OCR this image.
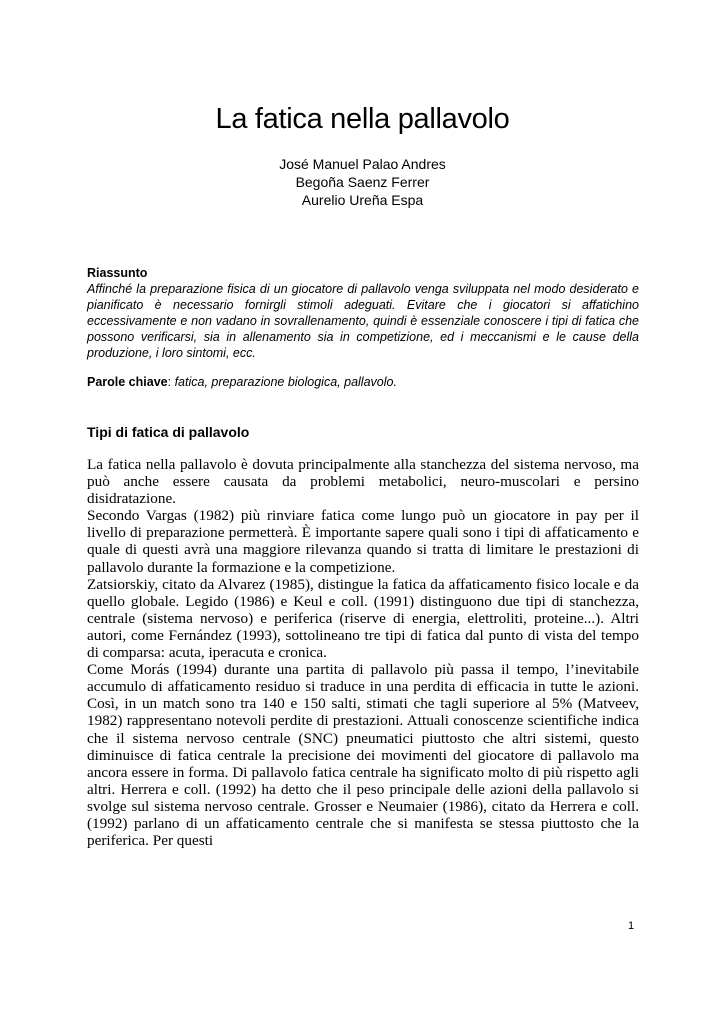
La fatica nella pallavolo
José Manuel Palao Andres
Begoña Saenz Ferrer
Aurelio Ureña Espa
Riassunto

Affinché la preparazione fisica di un giocatore di pallavolo venga sviluppata nel modo desiderato e pianificato è necessario fornirgli stimoli adeguati. Evitare che i giocatori si affatichino eccessivamente e non vadano in sovrallenamento, quindi è essenziale conoscere i tipi di fatica che possono verificarsi, sia in allenamento sia in competizione, ed i meccanismi e le cause della produzione, i loro sintomi, ecc.

Parole chiave: fatica, preparazione biologica, pallavolo.
Tipi di fatica di pallavolo

La fatica nella pallavolo è dovuta principalmente alla stanchezza del sistema nervoso, ma può anche essere causata da problemi metabolici, neuro-muscolari e persino disidratazione.

Secondo Vargas (1982) più rinviare fatica come lungo può un giocatore in pay per il livello di preparazione permetterà. È importante sapere quali sono i tipi di affaticamento e quale di questi avrà una maggiore rilevanza quando si tratta di limitare le prestazioni di pallavolo durante la formazione e la competizione.

Zatsiorskiy, citato da Alvarez (1985), distingue la fatica da affaticamento fisico locale e da quello globale. Legido (1986) e Keul e coll. (1991) distinguono due tipi di stanchezza, centrale (sistema nervoso) e periferica (riserve di energia, elettroliti, proteine...). Altri autori, come Fernández (1993), sottolineano tre tipi di fatica dal punto di vista del tempo di comparsa: acuta, iperacuta e cronica.

Come Morás (1994) durante una partita di pallavolo più passa il tempo, l’inevitabile accumulo di affaticamento residuo si traduce in una perdita di efficacia in tutte le azioni. Così, in un match sono tra 140 e 150 salti, stimati che tagli superiore al 5% (Matveev, 1982) rappresentano notevoli perdite di prestazioni. Attuali conoscenze scientifiche indica che il sistema nervoso centrale (SNC) pneumatici piuttosto che altri sistemi, questo diminuisce di fatica centrale la precisione dei movimenti del giocatore di pallavolo ma ancora essere in forma. Di pallavolo fatica centrale ha significato molto di più rispetto agli altri. Herrera e coll. (1992) ha detto che il peso principale delle azioni della pallavolo si svolge sul sistema nervoso centrale. Grosser e Neumaier (1986), citato da Herrera e coll. (1992) parlano di un affaticamento centrale che si manifesta se stessa piuttosto che la periferica. Per questi

1
